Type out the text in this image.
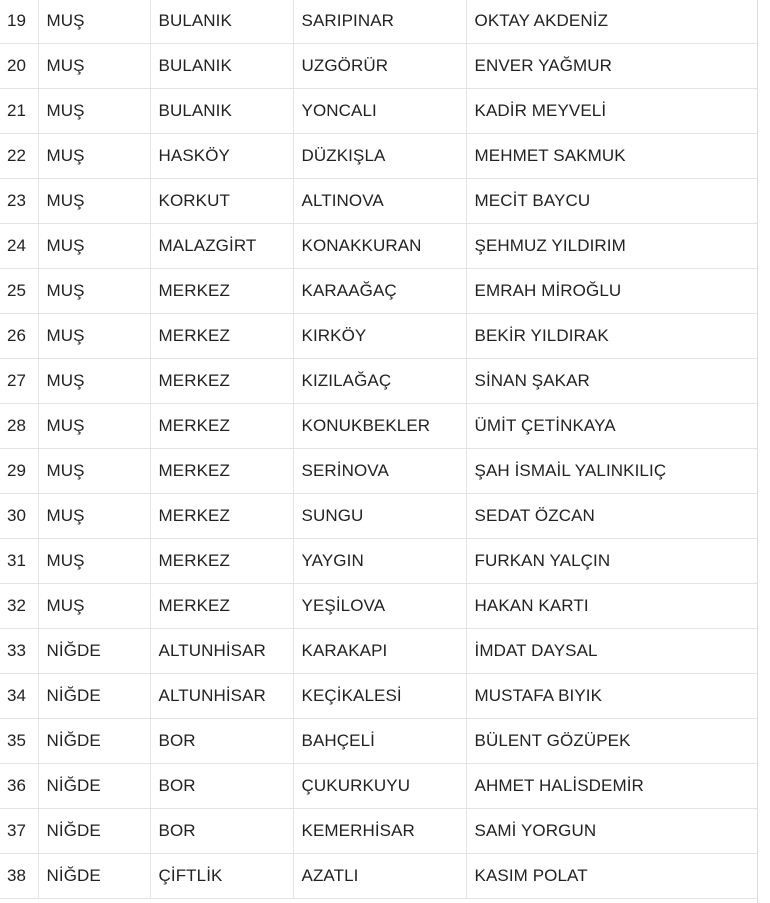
19	MUŞ	BULANIK	SARIPINAR	OKTAY AKDENİZ
20	MUŞ	BULANIK	UZGÖRÜR	ENVER YAĞMUR
21	MUŞ	BULANIK	YONCALI	KADİR MEYVELİ
22	MUŞ	HASKÖY	DÜZKIŞLA	MEHMET SAKMUK
23	MUŞ	KORKUT	ALTINOVA	MECİT BAYCU
24	MUŞ	MALAZGİRT	KONAKKURAN	ŞEHMUZ YILDIRIM
25	MUŞ	MERKEZ	KARAAĞAÇ	EMRAH MİROĞLU
26	MUŞ	MERKEZ	KIRKÖY	BEKİR YILDIRAK
27	MUŞ	MERKEZ	KIZILAĞAÇ	SİNAN ŞAKAR
28	MUŞ	MERKEZ	KONUKBEKLER	ÜMİT ÇETİNKAYA
29	MUŞ	MERKEZ	SERİNOVA	ŞAH İSMAİL YALINKILIÇ
30	MUŞ	MERKEZ	SUNGU	SEDAT ÖZCAN
31	MUŞ	MERKEZ	YAYGIN	FURKAN YALÇIN
32	MUŞ	MERKEZ	YEŞİLOVA	HAKAN KARTI
33	NİĞDE	ALTUNHİSAR	KARAKAPI	İMDAT DAYSAL
34	NİĞDE	ALTUNHİSAR	KEÇİKALESİ	MUSTAFA BIYIK
35	NİĞDE	BOR	BAHÇELİ	BÜLENT GÖZÜPEK
36	NİĞDE	BOR	ÇUKURKUYU	AHMET HALİSDEMİR
37	NİĞDE	BOR	KEMERHİSAR	SAMİ YORGUN
38	NİĞDE	ÇİFTLİK	AZATLI	KASIM POLAT
